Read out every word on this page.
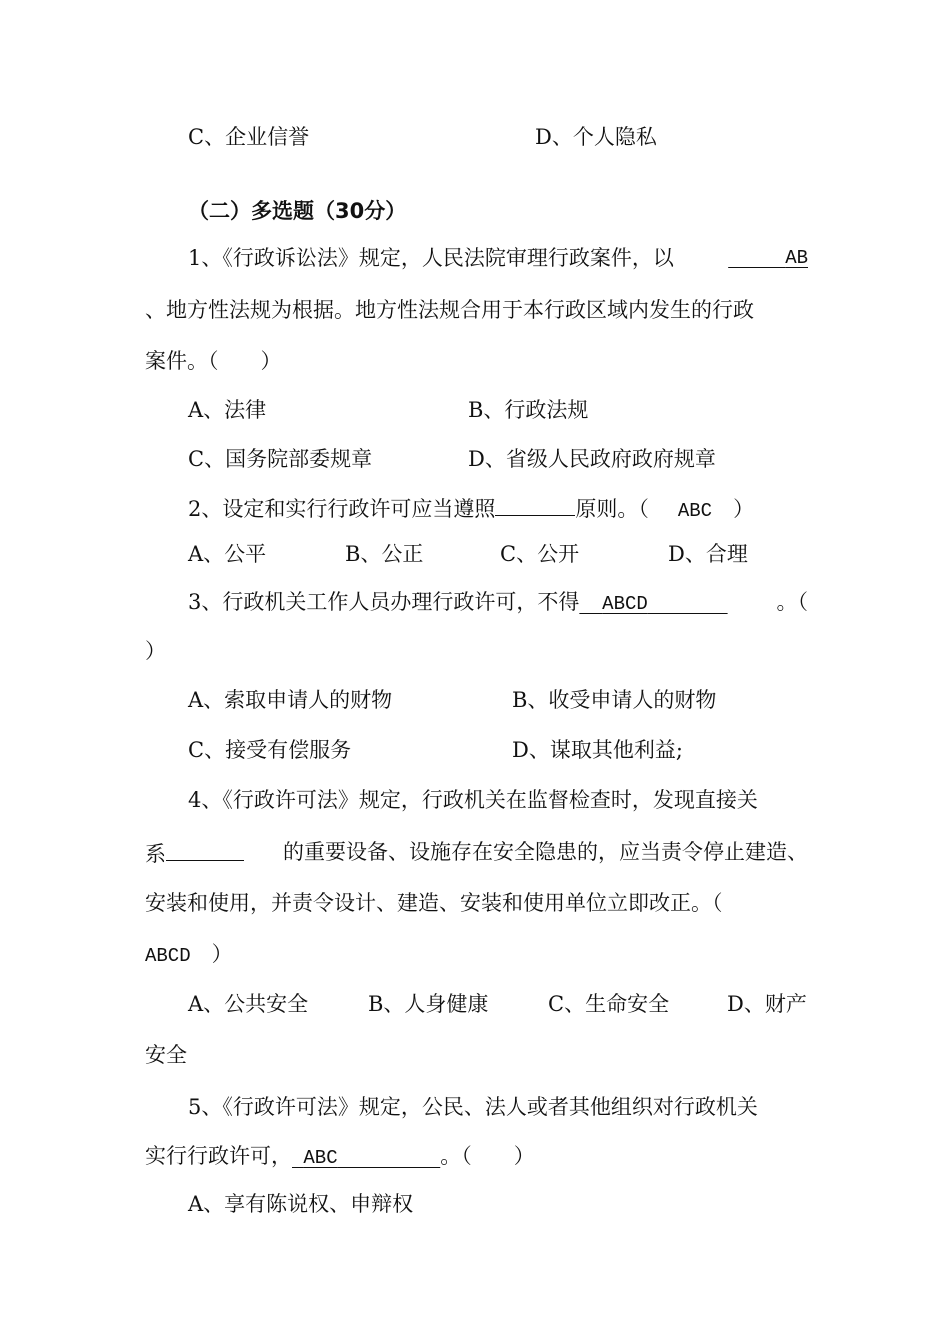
C、企业信誉	D、个人隐私
（二）多选题（30分）
1、《行政诉讼法》规定，人民法院审理行政案件，以	AB
、地方性法规为根据。地方性法规合用于本行政区域内发生的行政
案件。（　　）
A、法律	B、行政法规
C、国务院部委规章	D、省级人民政府政府规章
2、设定和实行行政许可应当遵照	原则。（　ABC　）
A、公平	B、公正	C、公开	D、合理
3、行政机关工作人员办理行政许可，不得 ABCD	。（
）
A、索取申请人的财物	B、收受申请人的财物
C、接受有偿服务	D、谋取其他利益;
4、《行政许可法》规定，行政机关在监督检查时，发现直接关
系	的重要设备、设施存在安全隐患的，应当责令停止建造、
安装和使用，并责令设计、建造、安装和使用单位立即改正。（
ABCD　）
A、公共安全	B、人身健康	C、生命安全	D、财产
安全
5、《行政许可法》规定，公民、法人或者其他组织对行政机关
实行行政许可， ABC	。（　　）
A、享有陈说权、申辩权
